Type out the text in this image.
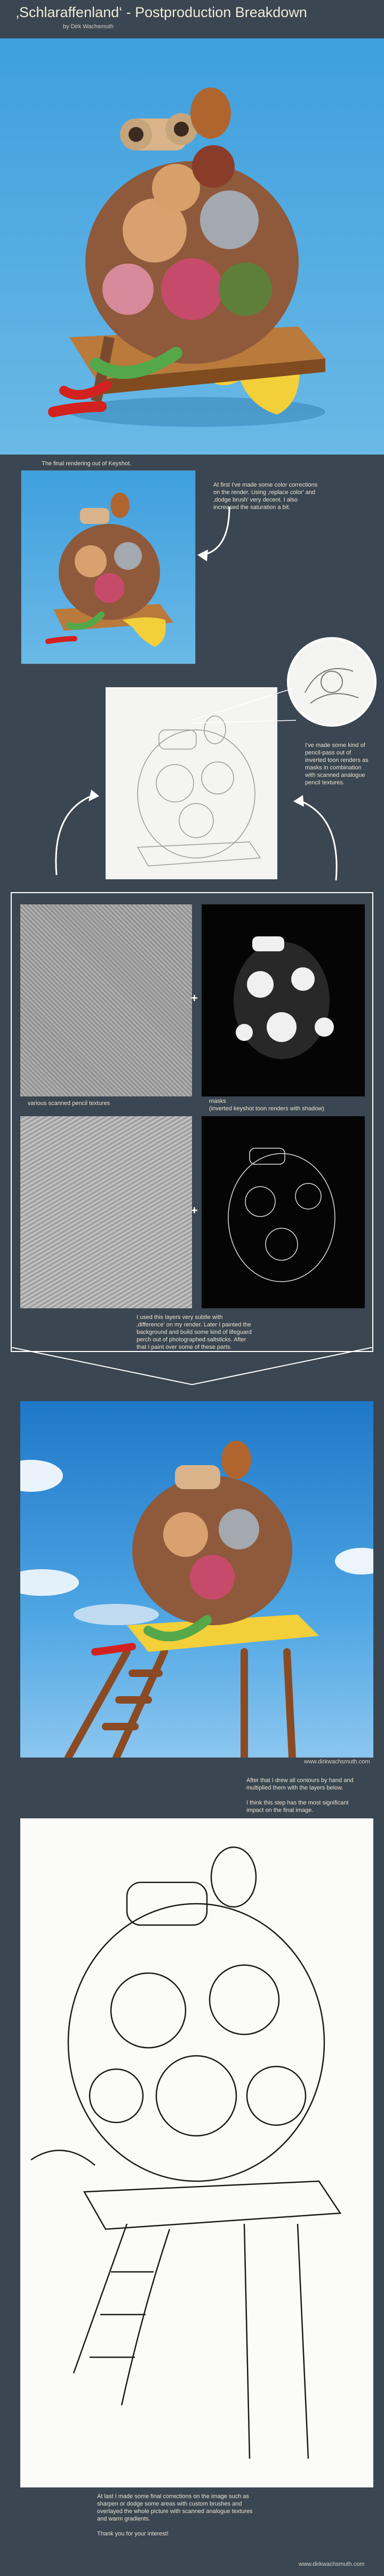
‚Schlaraffenland‘ - Postproduction Breakdown
by Dirk Wachsmuth
The final rendering out of Keyshot.
At first I've made some color corrections on the render. Using ‚replace color' and ‚dodge brush' very decent. I also increased the saturation a bit.
I've made some kind of pencil-pass out of inverted toon renders as masks in combination with scanned analogue pencil textures.
+
various scanned pencil textures	masks
(inverted keyshot toon renders with shadow)
+
I used this layers very subtle with ‚difference' on my render. Later I painted the background and build some kind of lifeguard perch out of photographed saltsticks. After that I paint over some of these parts.
www.dirkwachsmuth.com
After that I drew all contours by hand and multiplied them with the layers below.
I think this step has the most significant impact on the final image.
At last I made some final corrections on the image such as sharpen or dodge some areas with custom brushes and overlayed the whole picture with scanned analogue textures and warm gradients.
Thank you for your interest!
www.dirkwachsmuth.com
